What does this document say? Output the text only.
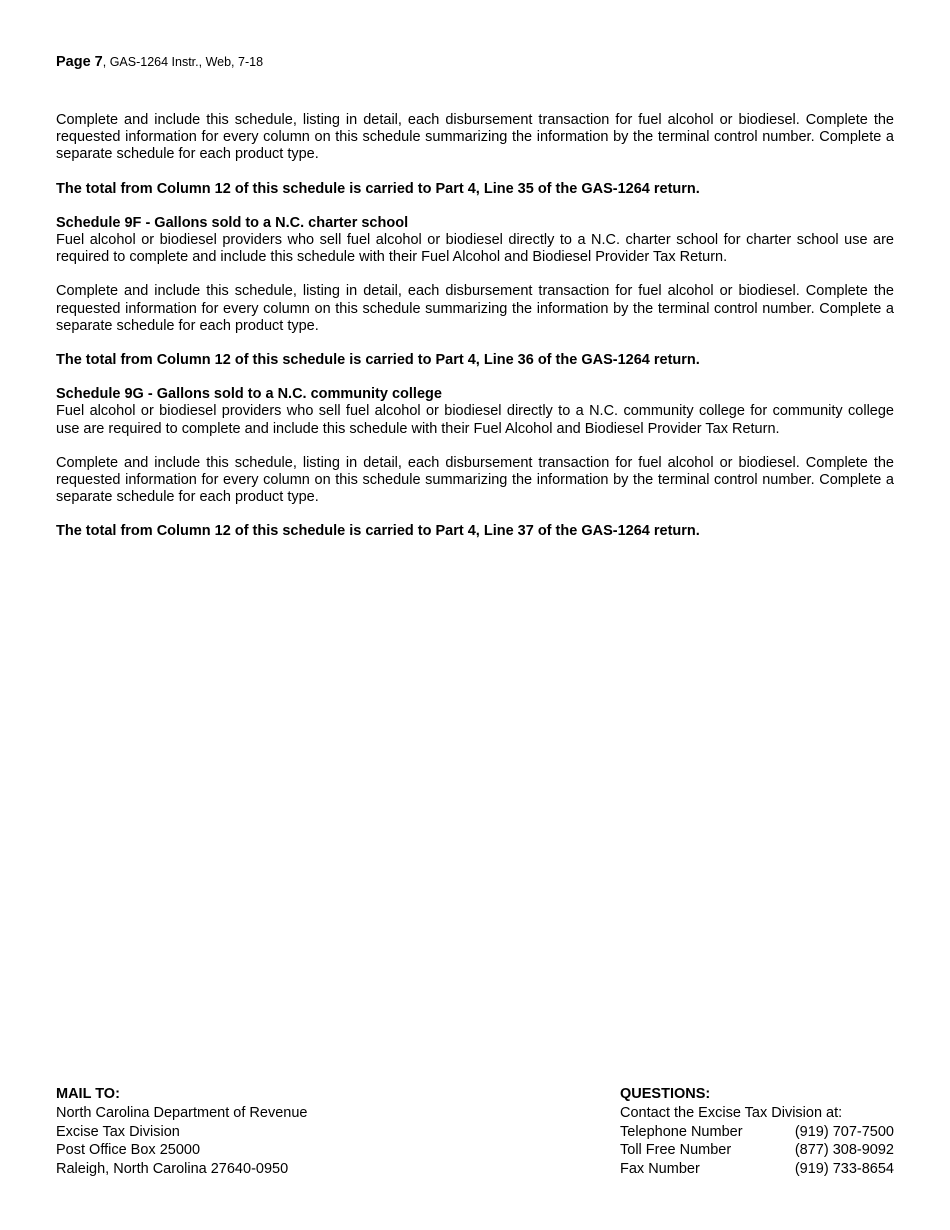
Page 7, GAS-1264 Instr., Web, 7-18

Complete and include this schedule, listing in detail, each disbursement transaction for fuel alcohol or biodiesel. Complete the requested information for every column on this schedule summarizing the information by the terminal control number. Complete a separate schedule for each product type.

The total from Column 12 of this schedule is carried to Part 4, Line 35 of the GAS-1264 return.

Schedule 9F - Gallons sold to a N.C. charter school

Fuel alcohol or biodiesel providers who sell fuel alcohol or biodiesel directly to a N.C. charter school for charter school use are required to complete and include this schedule with their Fuel Alcohol and Biodiesel Provider Tax Return.

Complete and include this schedule, listing in detail, each disbursement transaction for fuel alcohol or biodiesel. Complete the requested information for every column on this schedule summarizing the information by the terminal control number. Complete a separate schedule for each product type.

The total from Column 12 of this schedule is carried to Part 4, Line 36 of the GAS-1264 return.

Schedule 9G - Gallons sold to a N.C. community college

Fuel alcohol or biodiesel providers who sell fuel alcohol or biodiesel directly to a N.C. community college for community college use are required to complete and include this schedule with their Fuel Alcohol and Biodiesel Provider Tax Return.

Complete and include this schedule, listing in detail, each disbursement transaction for fuel alcohol or biodiesel. Complete the requested information for every column on this schedule summarizing the information by the terminal control number. Complete a separate schedule for each product type.

The total from Column 12 of this schedule is carried to Part 4, Line 37 of the GAS-1264 return.

MAIL TO:
North Carolina Department of Revenue
Excise Tax Division
Post Office Box 25000
Raleigh, North Carolina 27640-0950
QUESTIONS:
Contact the Excise Tax Division at:
Telephone Number	(919) 707-7500
Toll Free Number	(877) 308-9092
Fax Number	(919) 733-8654
